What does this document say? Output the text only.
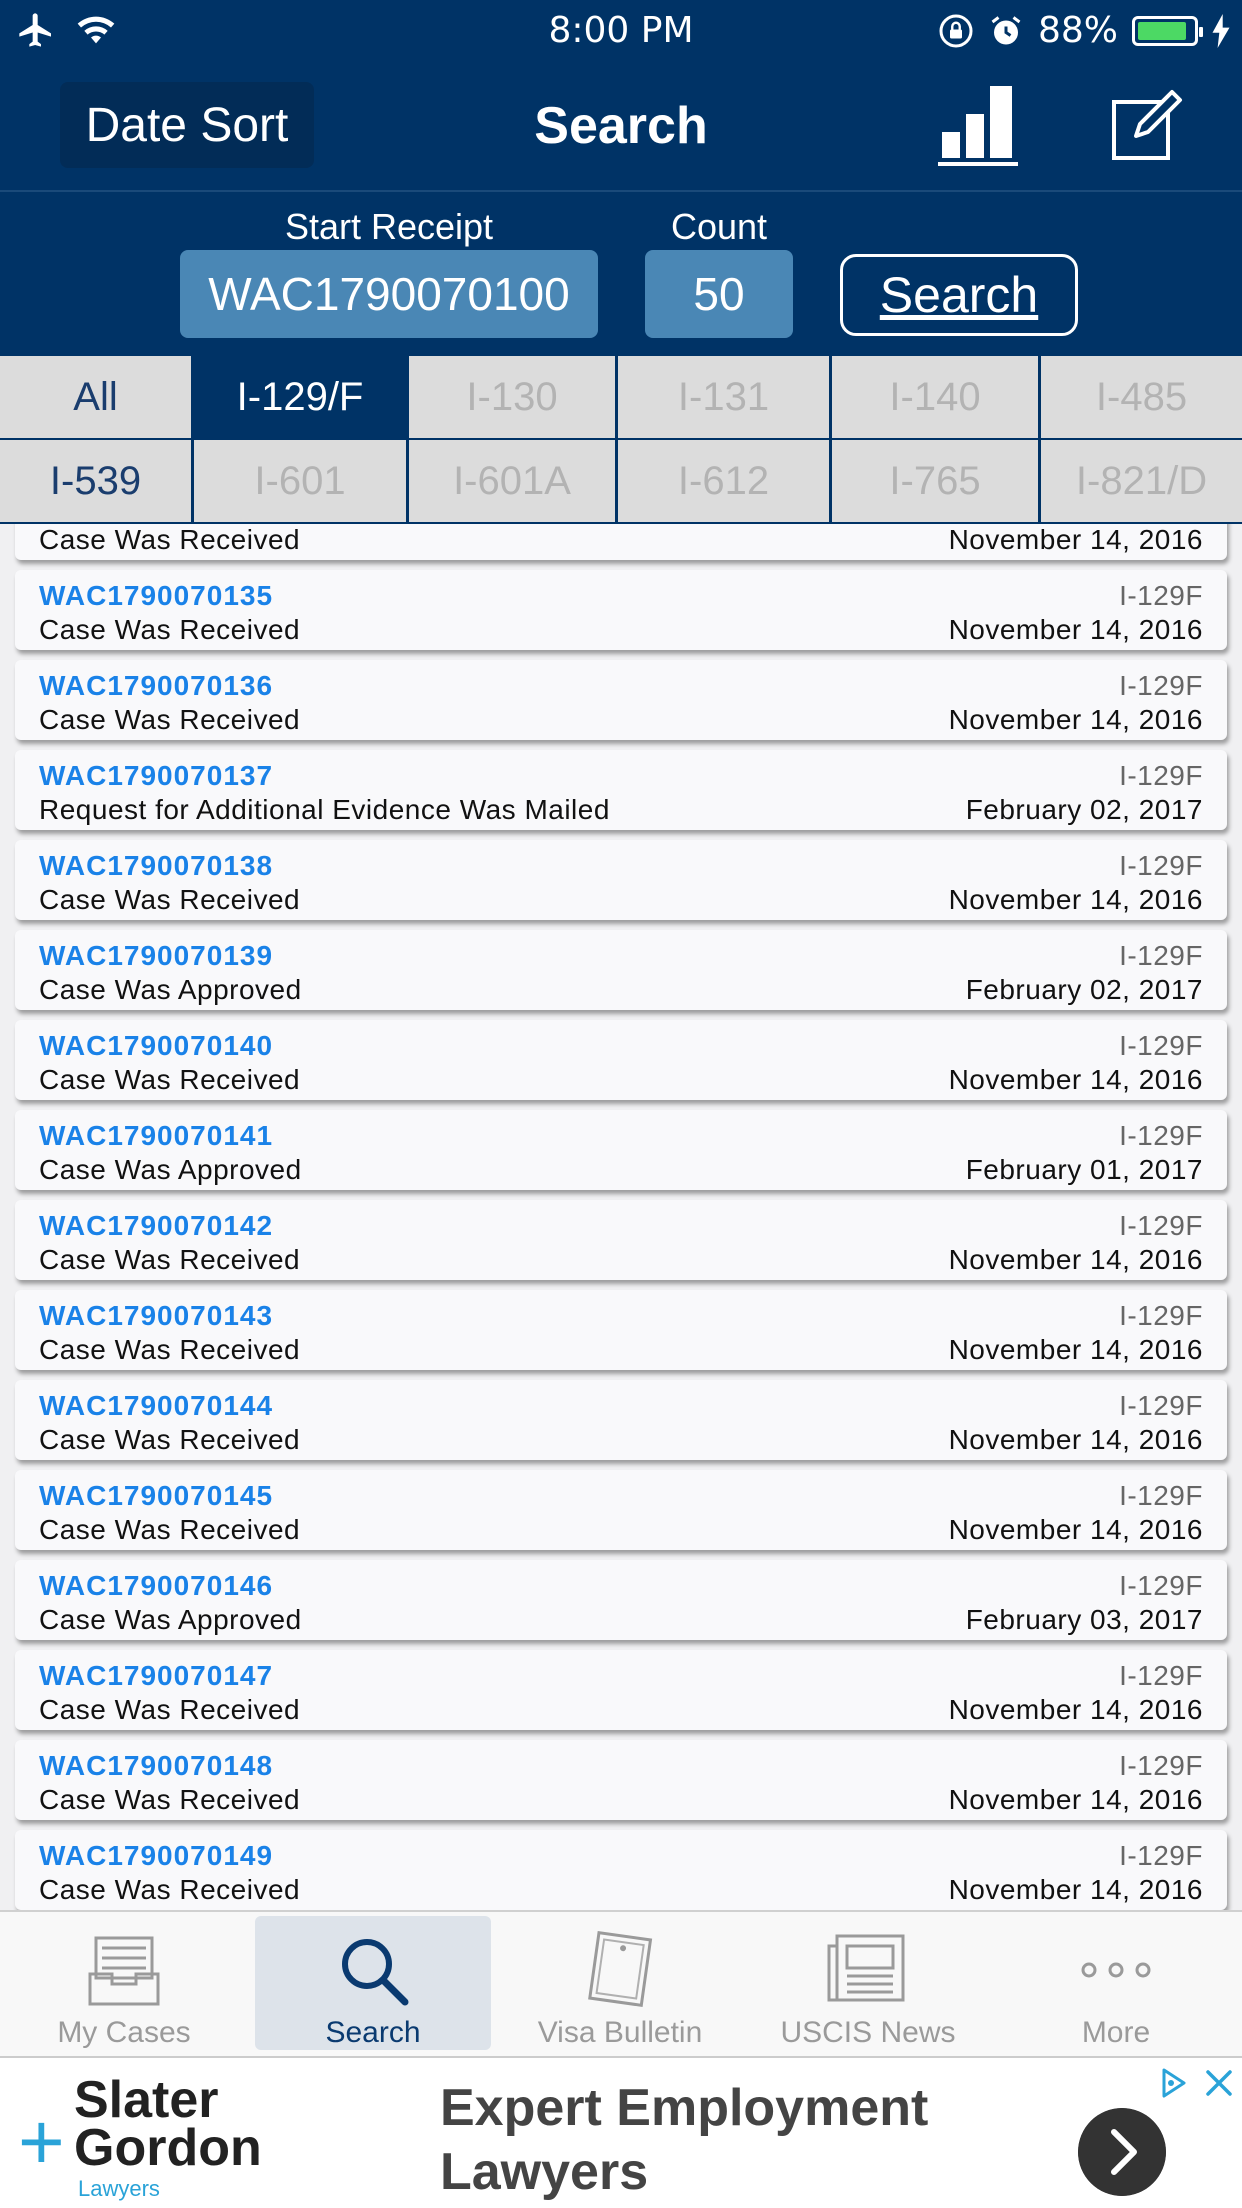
8:00 PM	88%
Date Sort	Search
Start Receipt	Count
WAC1790070100
50
Search
All	I-129/F	I-130	I-131	I-140	I-485
I-539	I-601	I-601A	I-612	I-765	I-821/D
Case Was Received	November 14, 2016
WAC1790070135
Case Was Received
I-129F
November 14, 2016
WAC1790070136
Case Was Received
I-129F
November 14, 2016
WAC1790070137
Request for Additional Evidence Was Mailed
I-129F
February 02, 2017
WAC1790070138
Case Was Received
I-129F
November 14, 2016
WAC1790070139
Case Was Approved
I-129F
February 02, 2017
WAC1790070140
Case Was Received
I-129F
November 14, 2016
WAC1790070141
Case Was Approved
I-129F
February 01, 2017
WAC1790070142
Case Was Received
I-129F
November 14, 2016
WAC1790070143
Case Was Received
I-129F
November 14, 2016
WAC1790070144
Case Was Received
I-129F
November 14, 2016
WAC1790070145
Case Was Received
I-129F
November 14, 2016
WAC1790070146
Case Was Approved
I-129F
February 03, 2017
WAC1790070147
Case Was Received
I-129F
November 14, 2016
WAC1790070148
Case Was Received
I-129F
November 14, 2016
WAC1790070149
Case Was Received
I-129F
November 14, 2016
My Cases	Search	Visa Bulletin	USCIS News	More
+ Slater
Gordon
Lawyers
Expert Employment
Lawyers
